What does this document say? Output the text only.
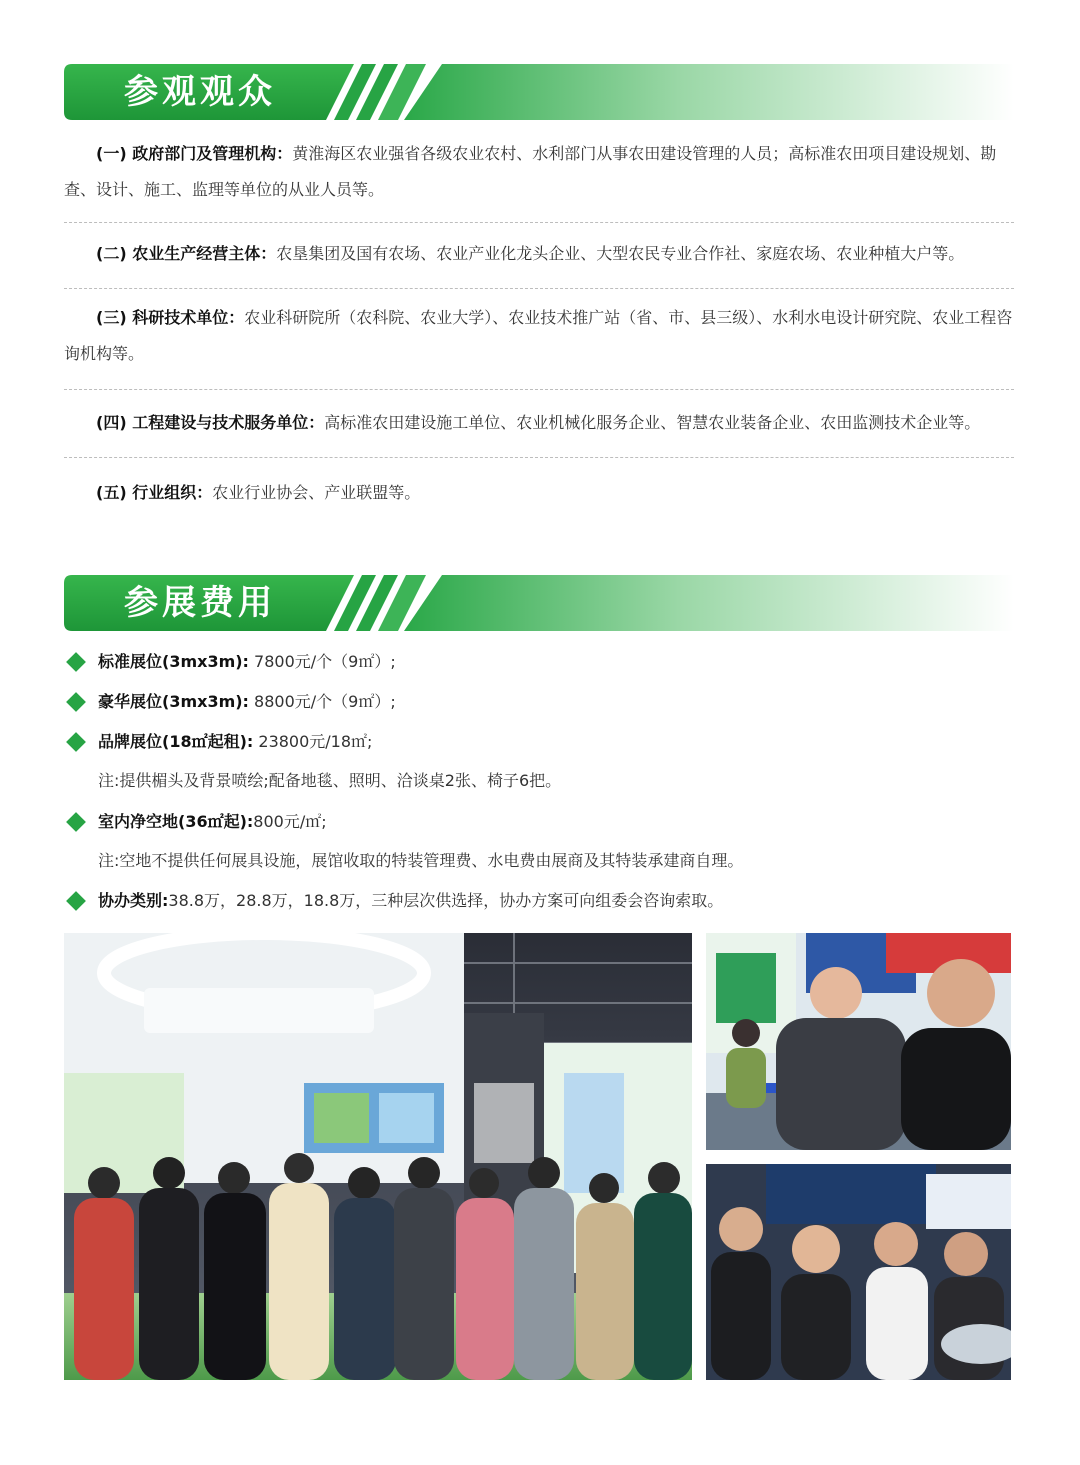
参观观众
(一) 政府部门及管理机构：黄淮海区农业强省各级农业农村、水利部门从事农田建设管理的人员；高标准农田项目建设规划、勘查、设计、施工、监理等单位的从业人员等。
(二) 农业生产经营主体：农垦集团及国有农场、农业产业化龙头企业、大型农民专业合作社、家庭农场、农业种植大户等。
(三) 科研技术单位：农业科研院所（农科院、农业大学）、农业技术推广站（省、市、县三级）、水利水电设计研究院、农业工程咨询机构等。
(四) 工程建设与技术服务单位：高标准农田建设施工单位、农业机械化服务企业、智慧农业装备企业、农田监测技术企业等。
(五) 行业组织：农业行业协会、产业联盟等。
参展费用
标准展位(3mx3m): 7800元/个（9㎡）;
豪华展位(3mx3m): 8800元/个（9㎡）;
品牌展位(18㎡起租): 23800元/18㎡;
注:提供楣头及背景喷绘;配备地毯、照明、洽谈桌2张、椅子6把。
室内净空地(36㎡起):800元/㎡;
注:空地不提供任何展具设施，展馆收取的特装管理费、水电费由展商及其特装承建商自理。
协办类别:38.8万，28.8万，18.8万，三种层次供选择，协办方案可向组委会咨询索取。
